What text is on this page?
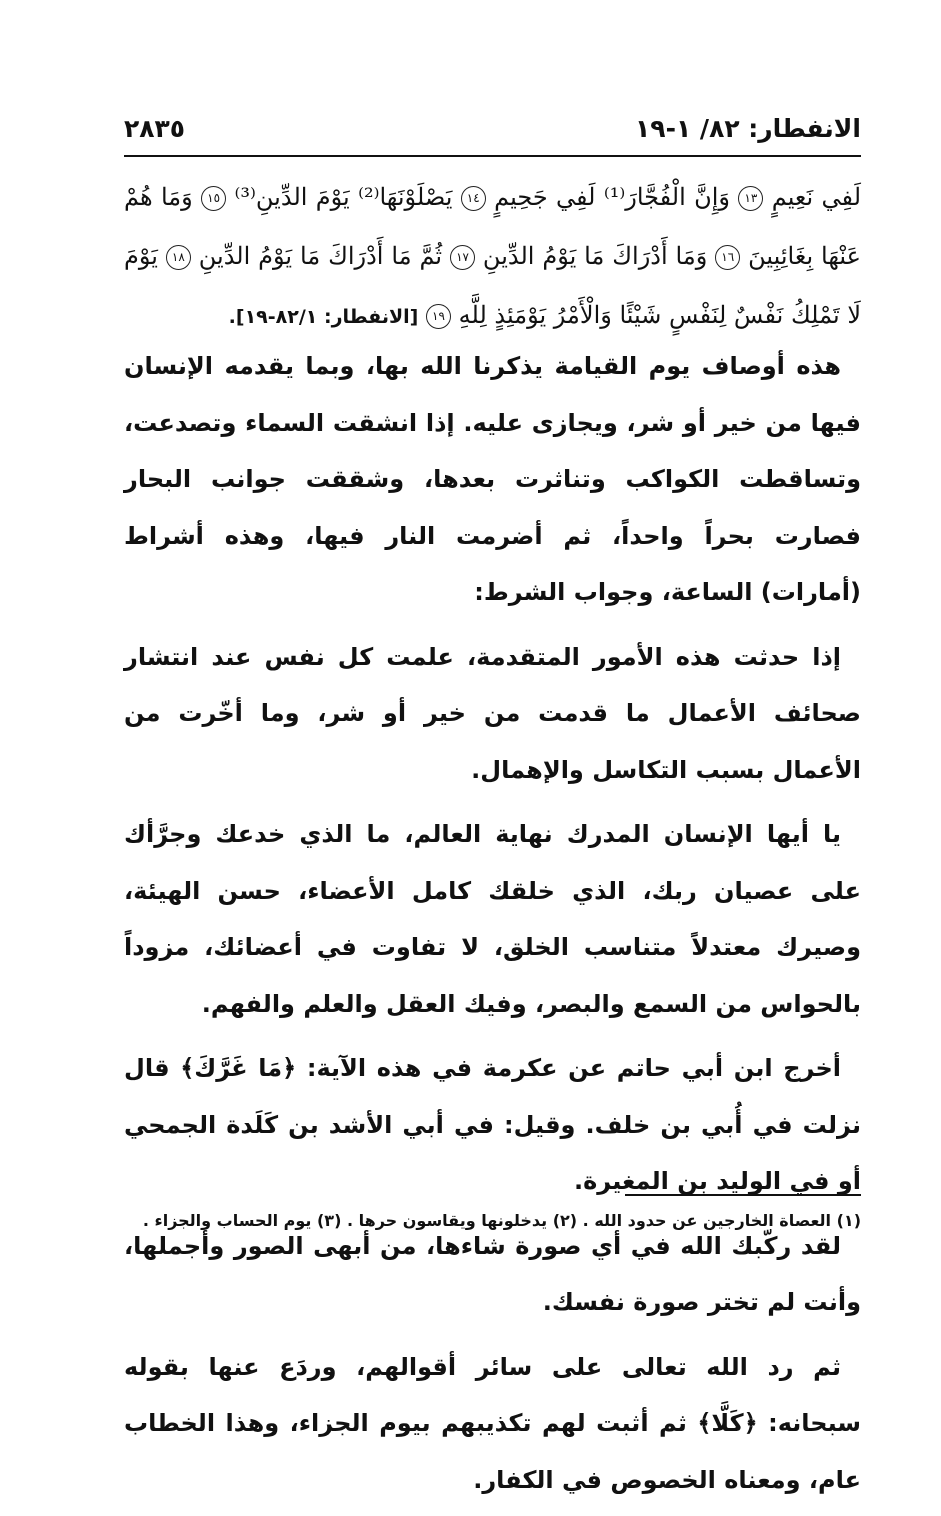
الانفطار: ٨٢/ ١-١٩
٢٨٣٥
لَفِي نَعِيمٍ ١٣ وَإِنَّ الْفُجَّارَ⁽¹⁾ لَفِي جَحِيمٍ ١٤ يَصْلَوْنَهَا⁽²⁾ يَوْمَ الدِّينِ⁽³⁾ ١٥ وَمَا هُمْ عَنْهَا بِغَائِبِينَ ١٦ وَمَا أَدْرَاكَ مَا يَوْمُ الدِّينِ ١٧ ثُمَّ مَا أَدْرَاكَ مَا يَوْمُ الدِّينِ ١٨ يَوْمَ لَا تَمْلِكُ نَفْسٌ لِنَفْسٍ شَيْئًا وَالْأَمْرُ يَوْمَئِذٍ لِلَّهِ ١٩ [الانفطار: ٨٢/١-١٩].

هذه أوصاف يوم القيامة يذكرنا الله بها، وبما يقدمه الإنسان فيها من خير أو شر، ويجازى عليه. إذا انشقت السماء وتصدعت، وتساقطت الكواكب وتناثرت بعدها، وشققت جوانب البحار فصارت بحراً واحداً، ثم أضرمت النار فيها، وهذه أشراط (أمارات) الساعة، وجواب الشرط:

إذا حدثت هذه الأمور المتقدمة، علمت كل نفس عند انتشار صحائف الأعمال ما قدمت من خير أو شر، وما أخّرت من الأعمال بسبب التكاسل والإهمال.

يا أيها الإنسان المدرك نهاية العالم، ما الذي خدعك وجرَّأك على عصيان ربك، الذي خلقك كامل الأعضاء، حسن الهيئة، وصيرك معتدلاً متناسب الخلق، لا تفاوت في أعضائك، مزوداً بالحواس من السمع والبصر، وفيك العقل والعلم والفهم.

أخرج ابن أبي حاتم عن عكرمة في هذه الآية: ﴿مَا غَرَّكَ﴾ قال نزلت في أُبي بن خلف. وقيل: في أبي الأشد بن كَلَدة الجمحي أو في الوليد بن المغيرة.

لقد ركّبك الله في أي صورة شاءها، من أبهى الصور وأجملها، وأنت لم تختر صورة نفسك.

ثم رد الله تعالى على سائر أقوالهم، وردَع عنها بقوله سبحانه: ﴿كَلَّا﴾ ثم أثبت لهم تكذيبهم بيوم الجزاء، وهذا الخطاب عام، ومعناه الخصوص في الكفار.

(١) العصاة الخارجين عن حدود الله . (٢) يدخلونها ويقاسون حرها . (٣) يوم الحساب والجزاء .
